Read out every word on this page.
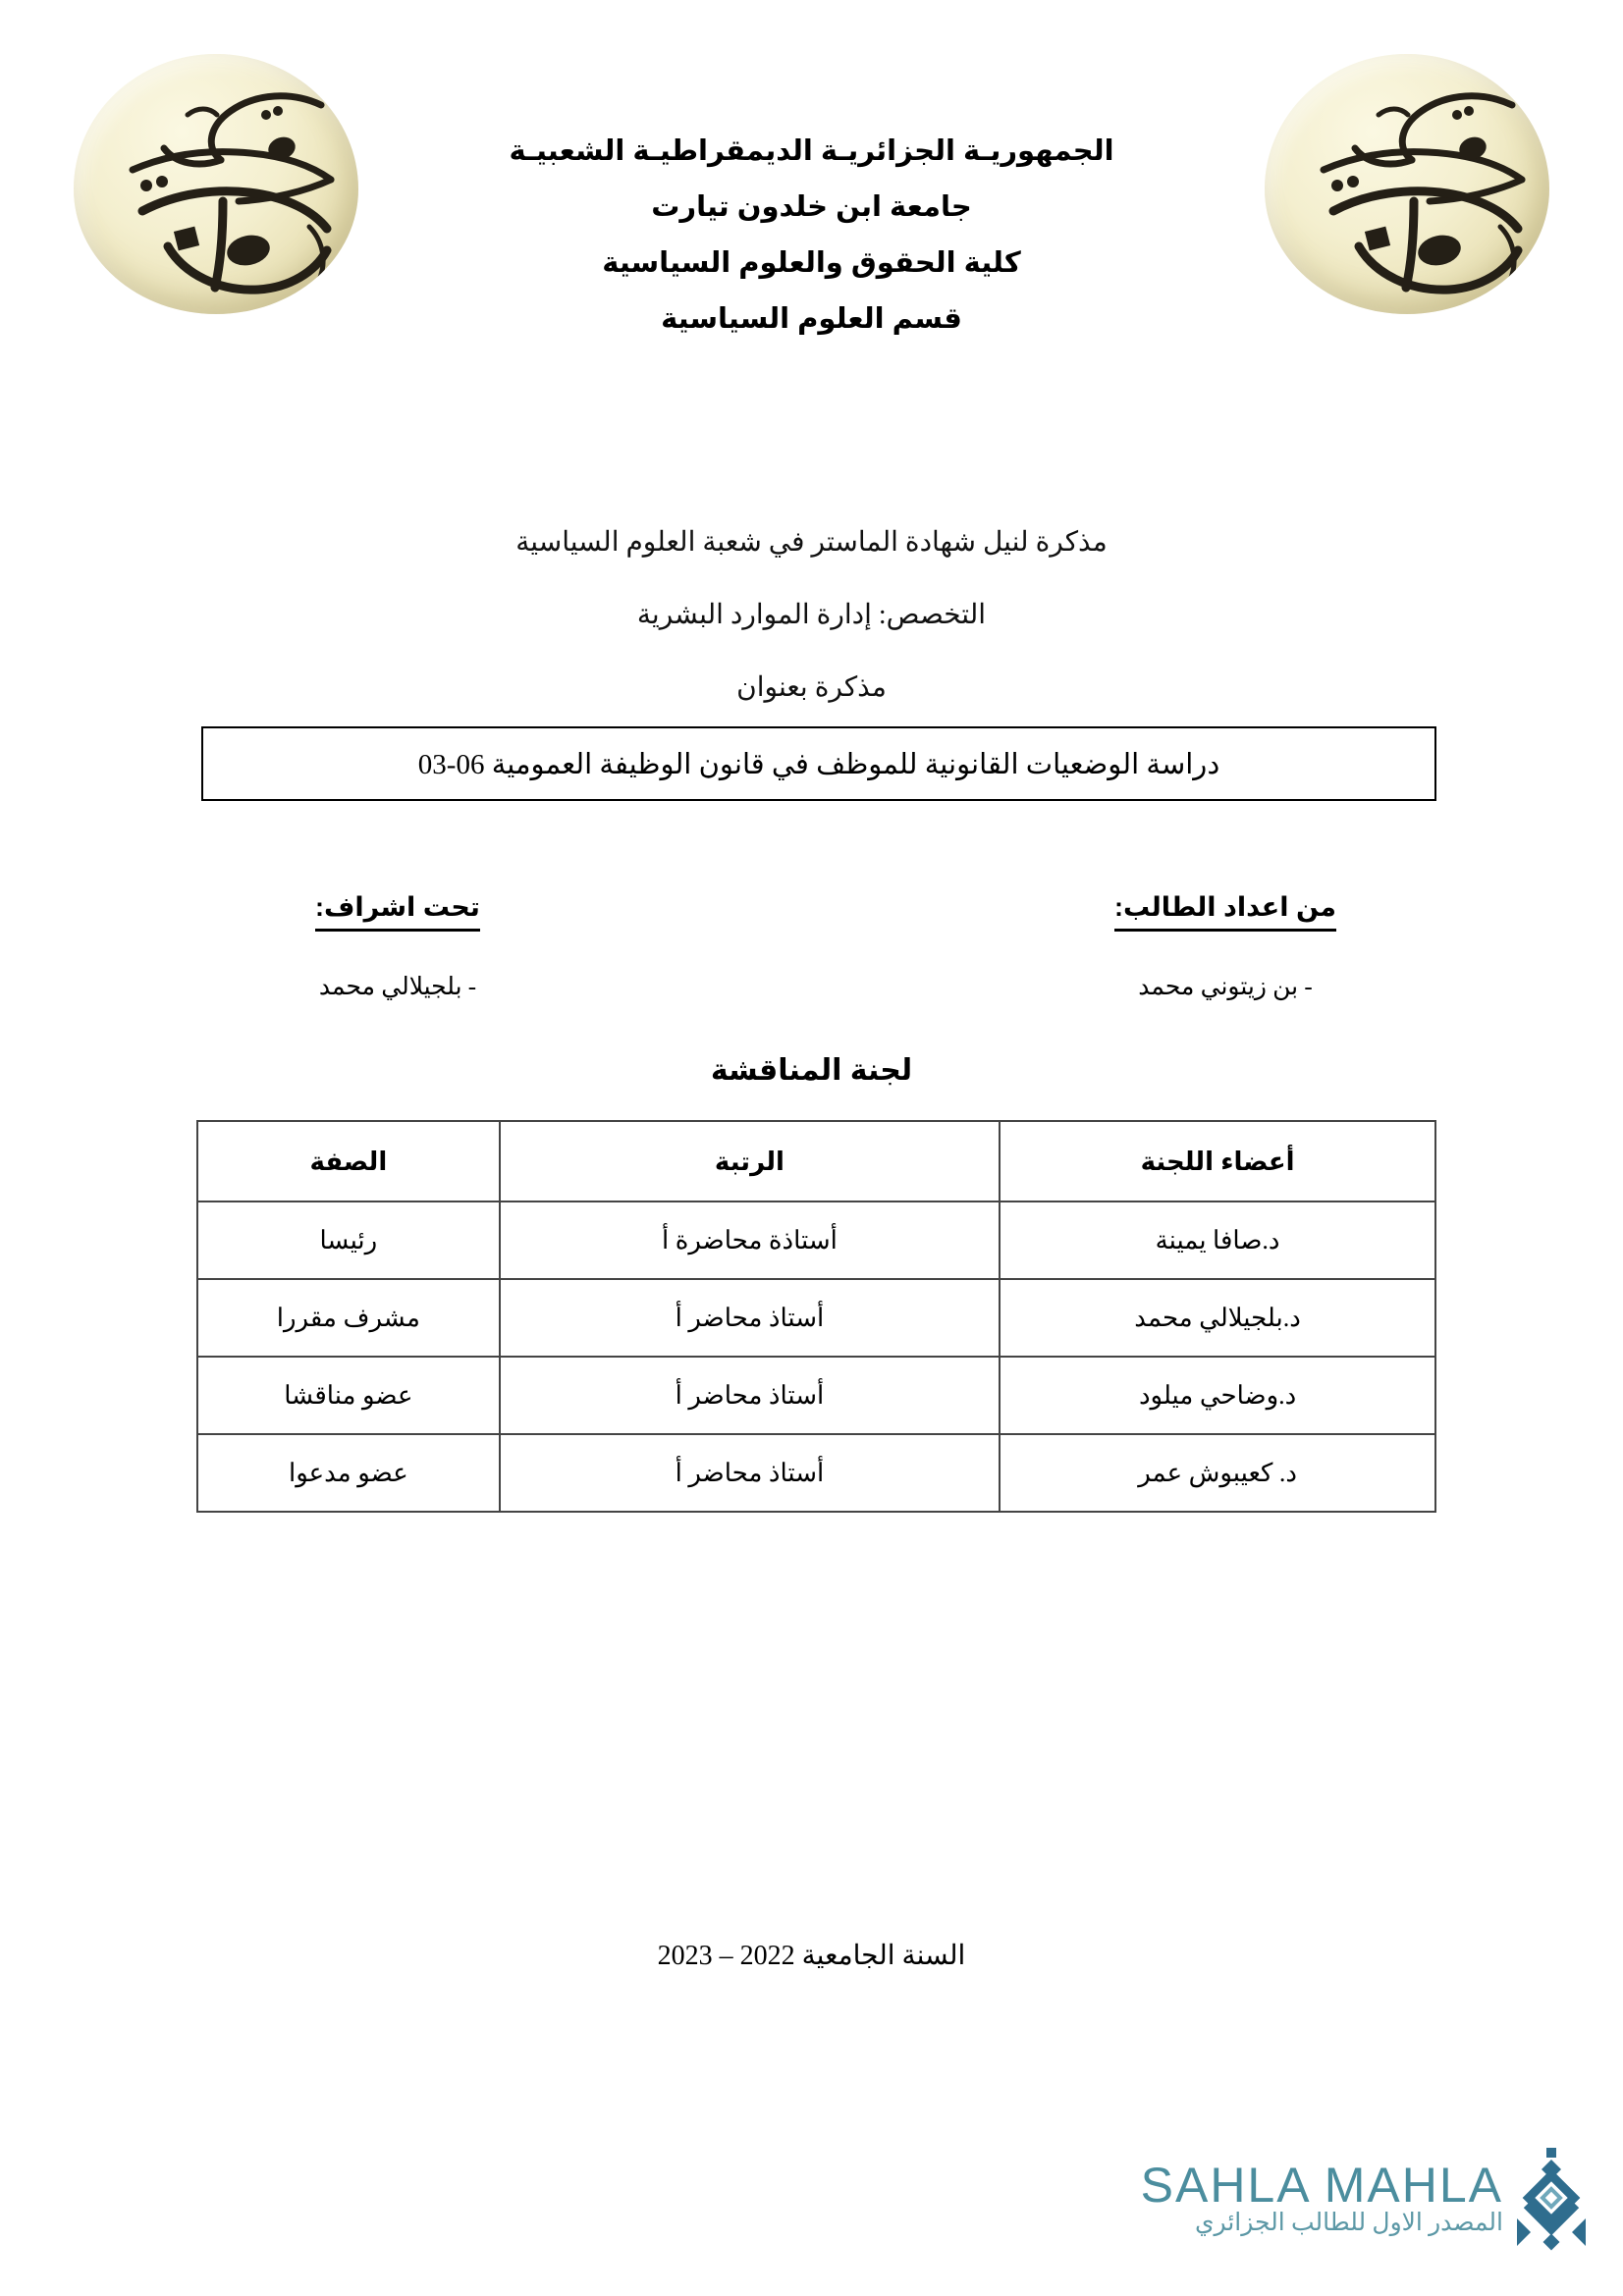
الجمهوريـة الجزائريـة الديمقراطيـة الشعبيـة
جامعة ابن خلدون تيارت
كلية الحقوق والعلوم السياسية
قسم العلوم السياسية
مذكرة لنيل شهادة الماستر في شعبة العلوم السياسية
التخصص: إدارة الموارد البشرية
مذكرة بعنوان
دراسة الوضعيات القانونية للموظف في قانون الوظيفة العمومية 06-03
من اعداد الطالب:
- بن زيتوني محمد
تحت اشراف:
- بلجيلالي محمد
لجنة المناقشة
أعضاء اللجنة	الرتبة	الصفة
د.صافا يمينة	أستاذة محاضرة أ	رئيسا
د.بلجيلالي محمد	أستاذ محاضر أ	مشرف مقررا
د.وضاحي ميلود	أستاذ محاضر أ	عضو مناقشا
د. كعيبوش عمر	أستاذ محاضر أ	عضو مدعوا
السنة الجامعية 2022 – 2023
SAHLA MAHLA
المصدر الاول للطالب الجزائري
